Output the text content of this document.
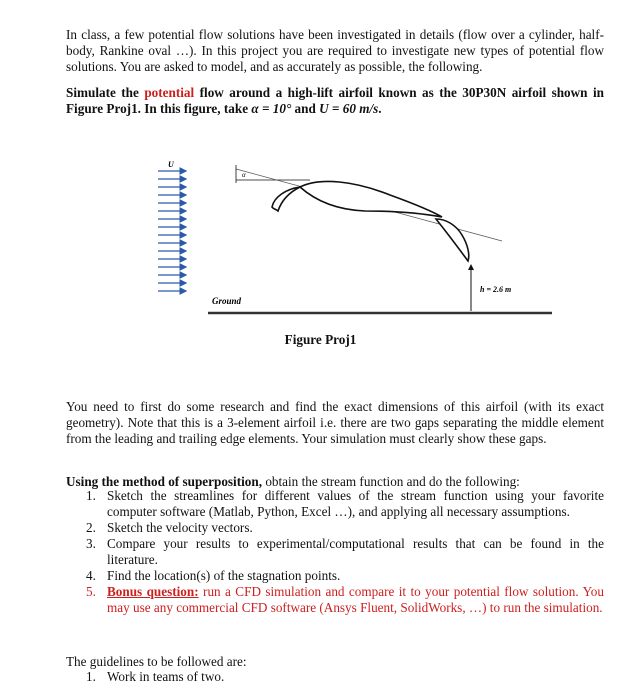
In class, a few potential flow solutions have been investigated in details (flow over a cylinder, half-body, Rankine oval …). In this project you are required to investigate new types of potential flow solutions. You are asked to model, and as accurately as possible, the following.

Simulate the potential flow around a high-lift airfoil known as the 30P30N airfoil shown in Figure Proj1. In this figure, take α = 10° and U = 60 m/s.

U
α
h = 2.6 m
Ground
Figure Proj1

You need to first do some research and find the exact dimensions of this airfoil (with its exact geometry). Note that this is a 3-element airfoil i.e. there are two gaps separating the middle element from the leading and trailing edge elements. Your simulation must clearly show these gaps.

Using the method of superposition, obtain the stream function and do the following:

1. Sketch the streamlines for different values of the stream function using your favorite computer software (Matlab, Python, Excel …), and applying all necessary assumptions.
2. Sketch the velocity vectors.
3. Compare your results to experimental/computational results that can be found in the literature.
4. Find the location(s) of the stagnation points.
5. Bonus question: run a CFD simulation and compare it to your potential flow solution. You may use any commercial CFD software (Ansys Fluent, SolidWorks, …) to run the simulation.

The guidelines to be followed are:

1. Work in teams of two.
